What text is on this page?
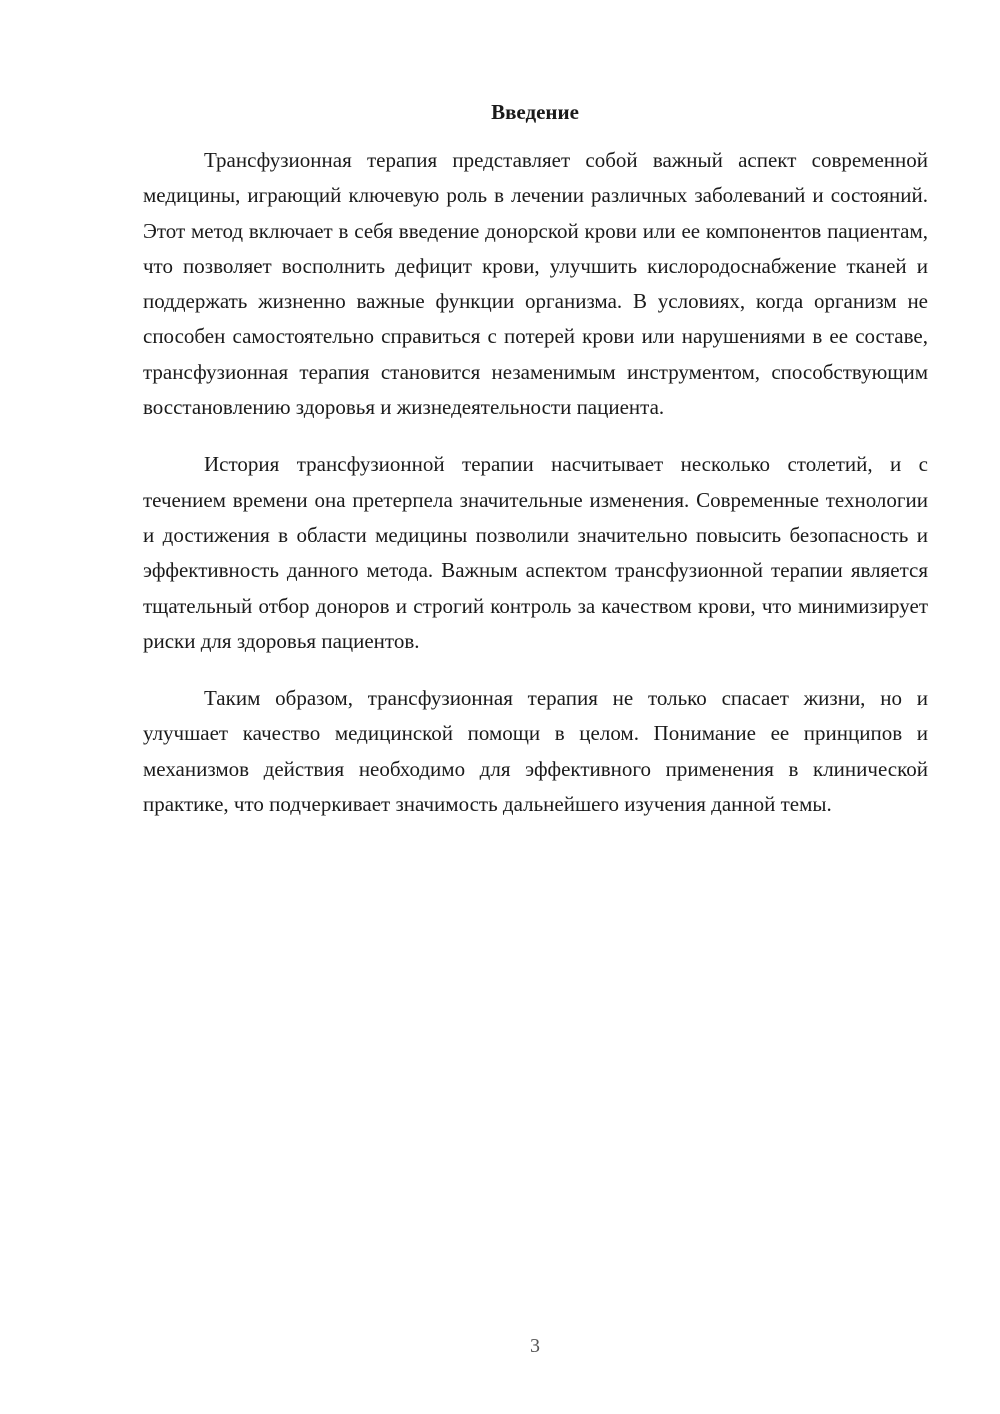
Введение

Трансфузионная терапия представляет собой важный аспект современной медицины, играющий ключевую роль в лечении различных заболеваний и состояний. Этот метод включает в себя введение донорской крови или ее компонентов пациентам, что позволяет восполнить дефицит крови, улучшить кислородоснабжение тканей и поддержать жизненно важные функции организма. В условиях, когда организм не способен самостоятельно справиться с потерей крови или нарушениями в ее составе, трансфузионная терапия становится незаменимым инструментом, способствующим восстановлению здоровья и жизнедеятельности пациента.

История трансфузионной терапии насчитывает несколько столетий, и с течением времени она претерпела значительные изменения. Современные технологии и достижения в области медицины позволили значительно повысить безопасность и эффективность данного метода. Важным аспектом трансфузионной терапии является тщательный отбор доноров и строгий контроль за качеством крови, что минимизирует риски для здоровья пациентов.

Таким образом, трансфузионная терапия не только спасает жизни, но и улучшает качество медицинской помощи в целом. Понимание ее принципов и механизмов действия необходимо для эффективного применения в клинической практике, что подчеркивает значимость дальнейшего изучения данной темы.

3
